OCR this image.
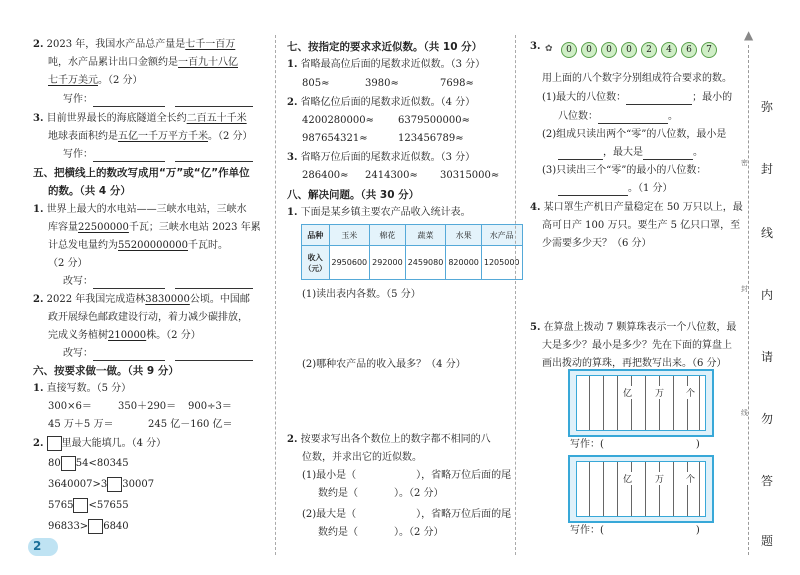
2. 2023 年，我国水产品总产量是七千一百万
吨，水产品累计出口金额约是一百九十八亿
七千万美元。（2 分）
写作：
3. 目前世界最长的海底隧道全长约二百五十千米
地球表面积约是五亿一千万平方千米。（2 分）
写作：
五、把横线上的数改写成用“万”或“亿”作单位
的数。（共 4 分）
1. 世界上最大的水电站——三峡水电站，三峡水
库容量22500000千瓦；三峡水电站 2023 年累
计总发电量约为55200000000千瓦时。
（2 分）
改写：
2. 2022 年我国完成造林3830000公顷。中国邮
政开展绿色邮政建设行动，着力减少碳排放，
完成义务植树210000株。（2 分）
改写：
六、按要求做一做。（共 9 分）
1. 直接写数。（5 分）
300×6＝	350＋290＝ 900÷3＝
45 万＋5 万＝	245 亿－160 亿＝
2. 里最大能填几。（4 分）
80 54<80345
3640007>3 30007
5765 <57655
96833> 6840
2
七、按指定的要求求近似数。（共 10 分）
1. 省略最高位后面的尾数求近似数。（3 分）
805≈	3980≈	7698≈
2. 省略亿位后面的尾数求近似数。（4 分）
4200280000≈ 6379500000≈
987654321≈	123456789≈
3. 省略万位后面的尾数求近似数。（3 分）
286400≈ 2414300≈ 30315000≈
八、解决问题。（共 30 分）
1. 下面是某乡镇主要农产品收入统计表。
品种	玉米	棉花	蔬菜	水果	水产品
收入（元）	2950600	292000	2459080	820000	1205000
(1)读出表内各数。（5 分）
(2)哪种农产品的收入最多？（4 分）
2. 按要求写出各个数位上的数字都不相同的八
位数，并求出它的近似数。
(1)最小是（	），省略万位后面的尾
数约是（	）。（2 分）
(2)最大是（	），省略万位后面的尾
数约是（	）。（2 分）
3. ✿	0	0	0	0	2	4	6	7
用上面的八个数字分别组成符合要求的数。
(1)最大的八位数：	；最小的
八位数：	。
(2)组成只读出两个“零”的八位数，最小是
，最大是	。
(3)只读出三个“零”的最小的八位数：
。（1 分）
4. 某口罩生产机日产量稳定在 50 万只以上，最
高可日产 100 万只。要生产 5 亿只口罩，至
少需要多少天？（6 分）
5. 在算盘上拨动 7 颗算珠表示一个八位数，最
大是多少？最小是多少？先在下面的算盘上
画出拨动的算珠，再把数写出来。（6 分）
亿	万 个
写作：(	)
亿	万 个
写作：(	)
▲
弥
密 封
线
封 内
请
线 勿
答
题
